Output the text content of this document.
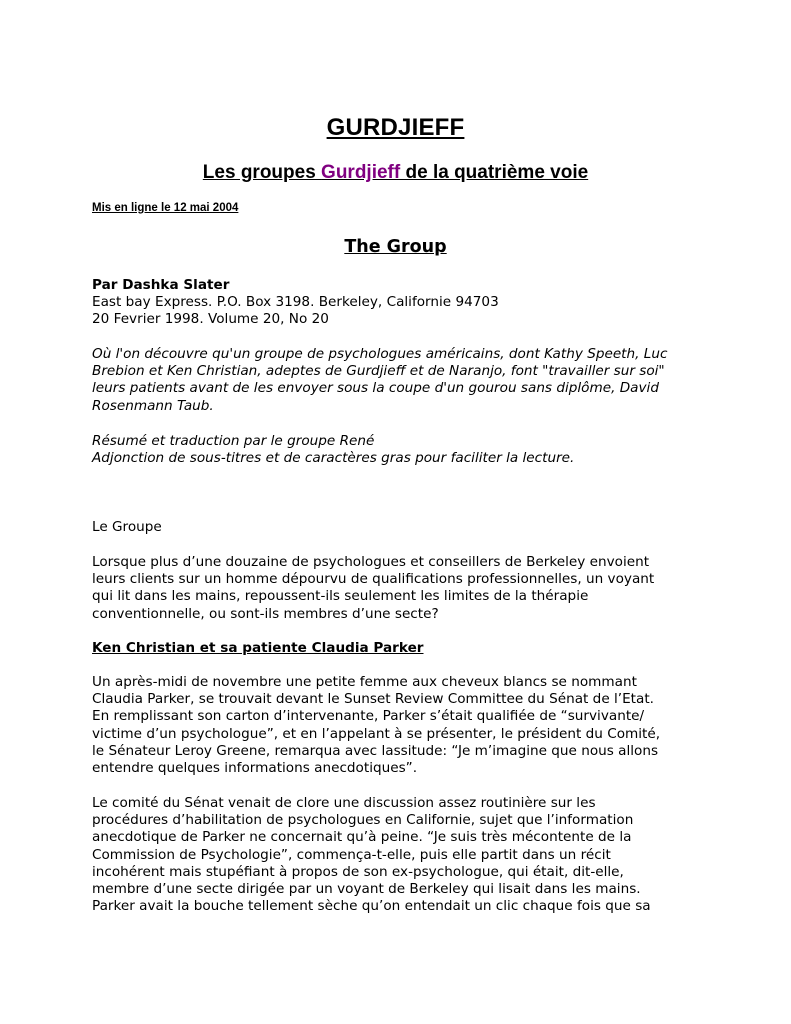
GURDJIEFF
Les groupes Gurdjieff de la quatrième voie
Mis en ligne le 12 mai 2004
The Group
Par Dashka Slater
East bay Express. P.O. Box 3198. Berkeley, Californie 94703
20 Fevrier 1998. Volume 20, No 20
Où l'on découvre qu'un groupe de psychologues américains, dont Kathy Speeth, Luc
Brebion et Ken Christian, adeptes de Gurdjieff et de Naranjo, font "travailler sur soi"
leurs patients avant de les envoyer sous la coupe d'un gourou sans diplôme, David
Rosenmann Taub.
Résumé et traduction par le groupe René
Adjonction de sous-titres et de caractères gras pour faciliter la lecture.
Le Groupe
Lorsque plus d’une douzaine de psychologues et conseillers de Berkeley envoient
leurs clients sur un homme dépourvu de qualifications professionnelles, un voyant
qui lit dans les mains, repoussent-ils seulement les limites de la thérapie
conventionnelle, ou sont-ils membres d’une secte?
Ken Christian et sa patiente Claudia Parker
Un après-midi de novembre une petite femme aux cheveux blancs se nommant
Claudia Parker, se trouvait devant le Sunset Review Committee du Sénat de l’Etat.
En remplissant son carton d’intervenante, Parker s’était qualifiée de “survivante/
victime d’un psychologue”, et en l’appelant à se présenter, le président du Comité,
le Sénateur Leroy Greene, remarqua avec lassitude: “Je m’imagine que nous allons
entendre quelques informations anecdotiques”.
Le comité du Sénat venait de clore une discussion assez routinière sur les
procédures d’habilitation de psychologues en Californie, sujet que l’information
anecdotique de Parker ne concernait qu’à peine. “Je suis très mécontente de la
Commission de Psychologie”, commença-t-elle, puis elle partit dans un récit
incohérent mais stupéfiant à propos de son ex-psychologue, qui était, dit-elle,
membre d’une secte dirigée par un voyant de Berkeley qui lisait dans les mains.
Parker avait la bouche tellement sèche qu’on entendait un clic chaque fois que sa
